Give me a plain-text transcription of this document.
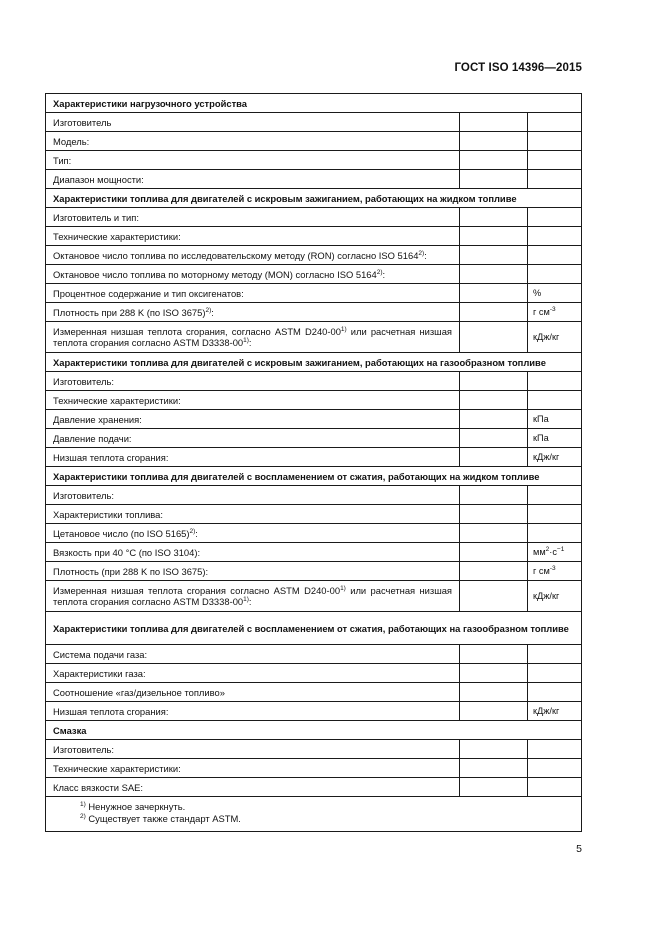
ГОСТ ISO 14396—2015
Характеристики нагрузочного устройства		
Изготовитель		
Модель:		
Тип:		
Диапазон мощности:		
Характеристики топлива для двигателей с искровым зажиганием, работающих на жидком топливе		
Изготовитель и тип:		
Технические характеристики:		
Октановое число топлива по исследовательскому методу (RON) согласно ISO 5164$^{2)}$:		
Октановое число топлива по моторному методу (MON) согласно ISO 5164$^{2)}$:		
Процентное содержание и тип оксигенатов:		%
Плотность при 288 K (по ISO 3675)$^{2)}$:		г $см^{-3}$
Измеренная низшая теплота сгорания, согласно ASTM D240-00$^{1)}$ или расчетная низшая теплота сгорания согласно ASTM D3338-00$^{1)}$:		кДж/кг
Характеристики топлива для двигателей с искровым зажиганием, работающих на газообразном топливе		
Изготовитель:		
Технические характеристики:		
Давление хранения:		кПа
Давление подачи:		кПа
Низшая теплота сгорания:		кДж/кг
Характеристики топлива для двигателей с воспламенением от сжатия, работающих на жидком топливе		
Изготовитель:		
Характеристики топлива:		
Цетановое число (по ISO 5165)$^{2)}$:		
Вязкость при 40 °C (по ISO 3104):		$мм^2\cdot с^{-1}$
Плотность (при 288 K по ISO 3675):		г $см^{-3}$
Измеренная низшая теплота сгорания согласно ASTM D240-00$^{1)}$ или расчетная низшая теплота сгорания согласно ASTM D3338-00$^{1)}$:		кДж/кг
Характеристики топлива для двигателей с воспламенением от сжатия, работающих на газообразном топливе		
Система подачи газа:		
Характеристики газа:		
Соотношение «газ/дизельное топливо»		
Низшая теплота сгорания:		кДж/кг
Смазка		
Изготовитель:		
Технические характеристики:		
Класс вязкости SAE:		

$^{1)}$ Ненужное зачеркнуть.
$^{2)}$ Существует также стандарт ASTM.		
5
